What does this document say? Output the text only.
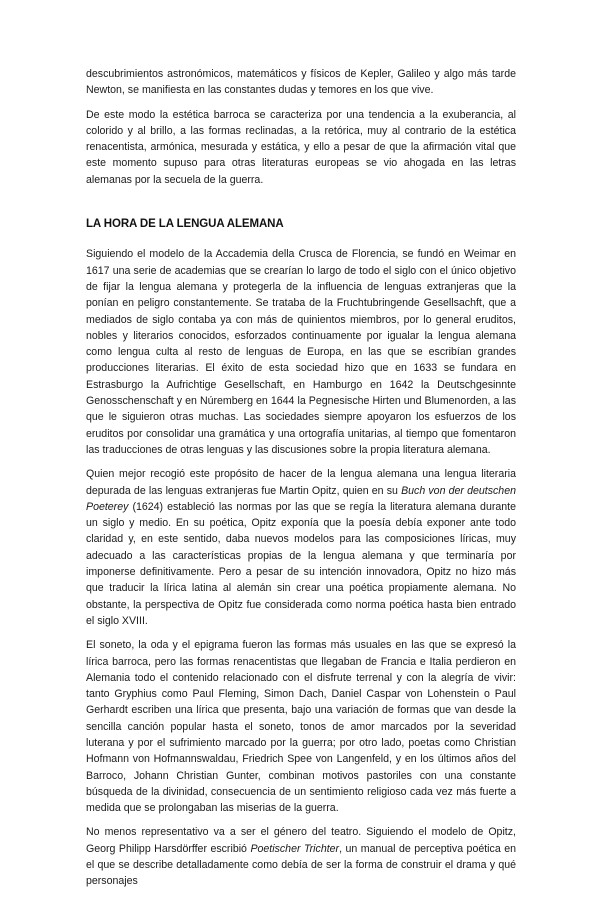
descubrimientos astronómicos, matemáticos y físicos de Kepler, Galileo y algo más tarde Newton, se manifiesta en las constantes dudas y temores en los que vive.

De este modo la estética barroca se caracteriza por una tendencia a la exuberancia, al colorido y al brillo, a las formas reclinadas, a la retórica, muy al contrario de la estética renacentista, armónica, mesurada y estática, y ello a pesar de que la afirmación vital que este momento supuso para otras literaturas europeas se vio ahogada en las letras alemanas por la secuela de la guerra.

LA HORA DE LA LENGUA ALEMANA

Siguiendo el modelo de la Accademia della Crusca de Florencia, se fundó en Weimar en 1617 una serie de academias que se crearían lo largo de todo el siglo con el único objetivo de fijar la lengua alemana y protegerla de la influencia de lenguas extranjeras que la ponían en peligro constantemente. Se trataba de la Fruchtubringende Gesellsachft, que a mediados de siglo contaba ya con más de quinientos miembros, por lo general eruditos, nobles y literarios conocidos, esforzados continuamente por igualar la lengua alemana como lengua culta al resto de lenguas de Europa, en las que se escribían grandes producciones literarias. El éxito de esta sociedad hizo que en 1633 se fundara en Estrasburgo la Aufrichtige Gesellschaft, en Hamburgo en 1642 la Deutschgesinnte Genosschenschaft y en Núremberg en 1644 la Pegnesische Hirten und Blumenorden, a las que le siguieron otras muchas. Las sociedades siempre apoyaron los esfuerzos de los eruditos por consolidar una gramática y una ortografía unitarias, al tiempo que fomentaron las traducciones de otras lenguas y las discusiones sobre la propia literatura alemana.

Quien mejor recogió este propósito de hacer de la lengua alemana una lengua literaria depurada de las lenguas extranjeras fue Martin Opitz, quien en su Buch von der deutschen Poeterey (1624) estableció las normas por las que se regía la literatura alemana durante un siglo y medio. En su poética, Opitz exponía que la poesía debía exponer ante todo claridad y, en este sentido, daba nuevos modelos para las composiciones líricas, muy adecuado a las características propias de la lengua alemana y que terminaría por imponerse definitivamente. Pero a pesar de su intención innovadora, Opitz no hizo más que traducir la lírica latina al alemán sin crear una poética propiamente alemana. No obstante, la perspectiva de Opitz fue considerada como norma poética hasta bien entrado el siglo XVIII.

El soneto, la oda y el epigrama fueron las formas más usuales en las que se expresó la lírica barroca, pero las formas renacentistas que llegaban de Francia e Italia perdieron en Alemania todo el contenido relacionado con el disfrute terrenal y con la alegría de vivir: tanto Gryphius como Paul Fleming, Simon Dach, Daniel Caspar von Lohenstein o Paul Gerhardt escriben una lírica que presenta, bajo una variación de formas que van desde la sencilla canción popular hasta el soneto, tonos de amor marcados por la severidad luterana y por el sufrimiento marcado por la guerra; por otro lado, poetas como Christian Hofmann von Hofmannswaldau, Friedrich Spee von Langenfeld, y en los últimos años del Barroco, Johann Christian Gunter, combinan motivos pastoriles con una constante búsqueda de la divinidad, consecuencia de un sentimiento religioso cada vez más fuerte a medida que se prolongaban las miserias de la guerra.

No menos representativo va a ser el género del teatro. Siguiendo el modelo de Opitz, Georg Philipp Harsdörffer escribió Poetischer Trichter, un manual de perceptiva poética en el que se describe detalladamente como debía de ser la forma de construir el drama y qué personajes
